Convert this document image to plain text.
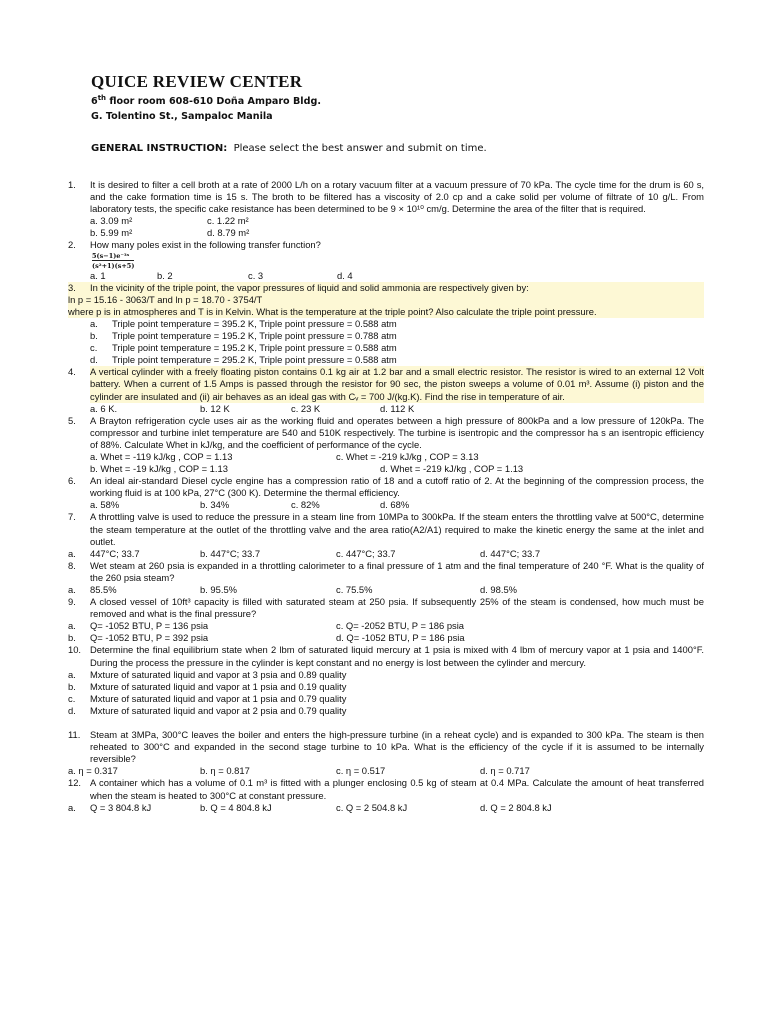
QUICE REVIEW CENTER

6th floor room 608-610 Doña Amparo Bldg.

G. Tolentino St., Sampaloc Manila

GENERAL INSTRUCTION:  Please select the best answer and submit on time.
1.	It is desired to filter a cell broth at a rate of 2000 L/h on a rotary vacuum filter at a vacuum pressure of 70 kPa. The cycle time for the drum is 60 s, and the cake formation time is 15 s. The broth to be filtered has a viscosity of 2.0 cp and a cake solid per volume of filtrate of 10 g/L. From laboratory tests, the specific cake resistance has been determined to be 9 × 10¹⁰ cm/g. Determine the area of the filter that is required.
a. 3.09 m²	c. 1.22 m²
b. 5.99 m²	d. 8.79 m²
2.	How many poles exist in the following transfer function?
5(s−1)e⁻³ˢ
(s²+1)(s+5)
a. 1	b. 2	c. 3	d. 4
3.	In the vicinity of the triple point, the vapor pressures of liquid and solid ammonia are respectively given by:
ln p = 15.16 - 3063/T and ln p = 18.70 - 3754/T
where p is in atmospheres and T is in Kelvin. What is the temperature at the triple point? Also calculate the triple point pressure.
a.	Triple point temperature = 395.2 K, Triple point pressure = 0.588 atm
b.	Triple point temperature = 195.2 K, Triple point pressure = 0.788 atm
c.	Triple point temperature = 195.2 K, Triple point pressure = 0.588 atm
d.	Triple point temperature = 295.2 K, Triple point pressure = 0.588 atm
4.	A vertical cylinder with a freely floating piston contains 0.1 kg air at 1.2 bar and a small electric resistor. The resistor is wired to an external 12 Volt battery. When a current of 1.5 Amps is passed through the resistor for 90 sec, the piston sweeps a volume of 0.01 m³. Assume (i) piston and the cylinder are insulated and (ii) air behaves as an ideal gas with Cᵥ = 700 J/(kg.K). Find the rise in temperature of air.
a. 6 K.	b. 12 K	c. 23 K	d. 112 K
5.	A Brayton refrigeration cycle uses air as the working fluid and operates between a high pressure of 800kPa and a low pressure of 120kPa. The compressor and turbine inlet temperature are 540 and 510K respectively. The turbine is isentropic and the compressor ha s an isentropic efficiency of 88%. Calculate Whet in kJ/kg, and the coefficient of performance of the cycle.
a. Whet = -119 kJ/kg , COP = 1.13	c. Whet = -219 kJ/kg , COP = 3.13
b. Whet = -19 kJ/kg , COP = 1.13	d. Whet = -219 kJ/kg , COP = 1.13
6.	An ideal air-standard Diesel cycle engine has a compression ratio of 18 and a cutoff ratio of 2. At the beginning of the compression process, the working fluid is at 100 kPa, 27°C (300 K). Determine the thermal efficiency.
a. 58%	b. 34%	c. 82%	d. 68%
7.	A throttling valve is used to reduce the pressure in a steam line from 10MPa to 300kPa. If the steam enters the throttling valve at 500°C, determine the steam temperature at the outlet of the throttling valve and the area ratio(A2/A1) required to make the kinetic energy the same at the inlet and outlet.
a.	447°C; 33.7	b. 447°C; 33.7	c. 447°C; 33.7	d. 447°C; 33.7
8.	Wet steam at 260 psia is expanded in a throttling calorimeter to a final pressure of 1 atm and the final temperature of 240 °F. What is the quality of the 260 psia steam?
a.	85.5%	b. 95.5%	c. 75.5%	d. 98.5%
9.	A closed vessel of 10ft³ capacity is filled with saturated steam at 250 psia. If subsequently 25% of the steam is condensed, how much must be removed and what is the final pressure?
a.	Q= -1052 BTU, P = 136 psia	c. Q= -2052 BTU, P = 186 psia
b.	Q= -1052 BTU, P = 392 psia	d. Q= -1052 BTU, P = 186 psia
10. Determine the final equilibrium state when 2 lbm of saturated liquid mercury at 1 psia is mixed with 4 lbm of mercury vapor at 1 psia and 1400°F. During the process the pressure in the cylinder is kept constant and no energy is lost between the cylinder and mercury.
a.	Mxture of saturated liquid and vapor at 3 psia and 0.89 quality
b.	Mxture of saturated liquid and vapor at 1 psia and 0.19 quality
c.	Mxture of saturated liquid and vapor at 1 psia and 0.79 quality
d.	Mxture of saturated liquid and vapor at 2 psia and 0.79 quality
11.	Steam at 3MPa, 300°C leaves the boiler and enters the high-pressure turbine (in a reheat cycle) and is expanded to 300 kPa. The steam is then reheated to 300°C and expanded in the second stage turbine to 10 kPa. What is the efficiency of the cycle if it is assumed to be internally reversible?
a. η = 0.317	b. η = 0.817	c. η = 0.517	d. η = 0.717
12. A container which has a volume of 0.1 m³ is fitted with a plunger enclosing 0.5 kg of steam at 0.4 MPa. Calculate the amount of heat transferred when the steam is heated to 300°C at constant pressure.
a.	Q = 3 804.8 kJ	b. Q = 4 804.8 kJ	c. Q = 2 504.8 kJ	d. Q = 2 804.8 kJ
